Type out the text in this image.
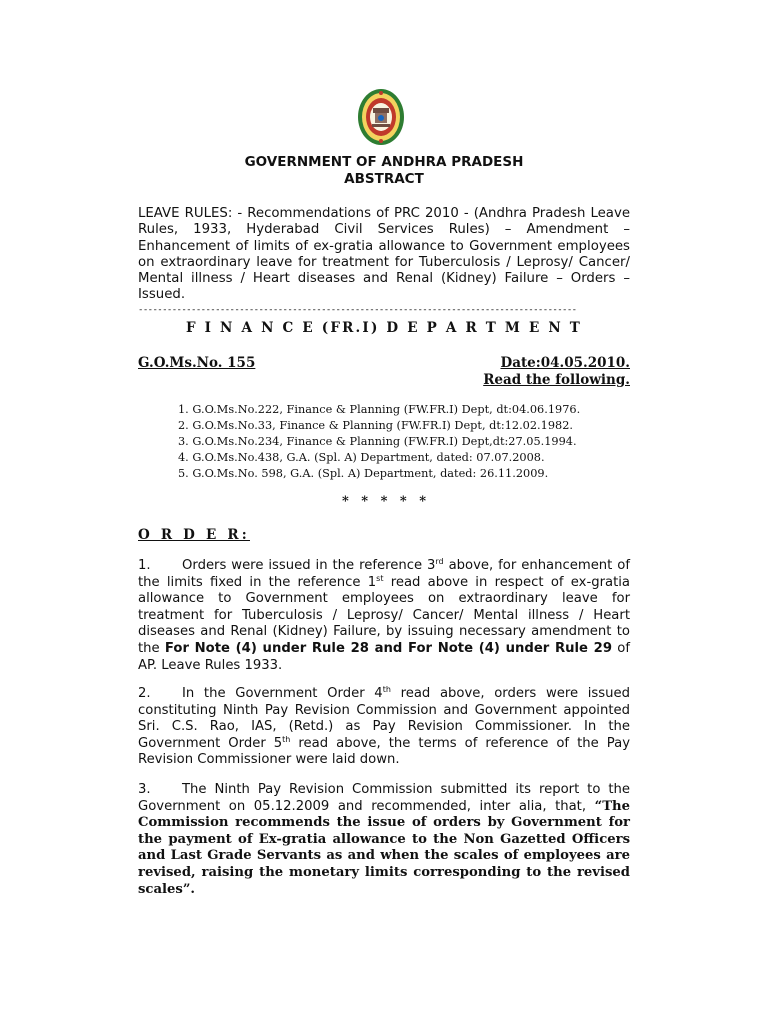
GOVERNMENT OF ANDHRA PRADESH
ABSTRACT
LEAVE RULES: - Recommendations of PRC 2010 - (Andhra Pradesh Leave Rules, 1933, Hyderabad Civil Services Rules) – Amendment – Enhancement of limits of ex-gratia allowance to Government employees on extraordinary leave for treatment for Tuberculosis / Leprosy/ Cancer/ Mental illness / Heart diseases and Renal (Kidney) Failure – Orders – Issued.
-------------------------------------------------------------------------------------------
F I N A N C E (FR.I) D E P A R T M E N T
G.O.Ms.No. 155	Date:04.05.2010.
Read the following.
1. G.O.Ms.No.222, Finance & Planning (FW.FR.I) Dept, dt:04.06.1976.
2. G.O.Ms.No.33, Finance & Planning (FW.FR.I) Dept, dt:12.02.1982.
3. G.O.Ms.No.234, Finance & Planning (FW.FR.I) Dept,dt:27.05.1994.
4. G.O.Ms.No.438, G.A. (Spl. A) Department, dated: 07.07.2008.
5. G.O.Ms.No. 598, G.A. (Spl. A) Department, dated: 26.11.2009.
* * * * *
O R D E R:
1. Orders were issued in the reference 3rd above, for enhancement of the limits fixed in the reference 1st read above in respect of ex-gratia allowance to Government employees on extraordinary leave for treatment for Tuberculosis / Leprosy/ Cancer/ Mental illness / Heart diseases and Renal (Kidney) Failure, by issuing necessary amendment to the For Note (4) under Rule 28 and For Note (4) under Rule 29 of AP. Leave Rules 1933.
2. In the Government Order 4th read above, orders were issued constituting Ninth Pay Revision Commission and Government appointed Sri. C.S. Rao, IAS, (Retd.) as Pay Revision Commissioner. In the Government Order 5th read above, the terms of reference of the Pay Revision Commissioner were laid down.
3. The Ninth Pay Revision Commission submitted its report to the Government on 05.12.2009 and recommended, inter alia, that, “The Commission recommends the issue of orders by Government for the payment of Ex-gratia allowance to the Non Gazetted Officers and Last Grade Servants as and when the scales of employees are revised, raising the monetary limits corresponding to the revised scales”.
